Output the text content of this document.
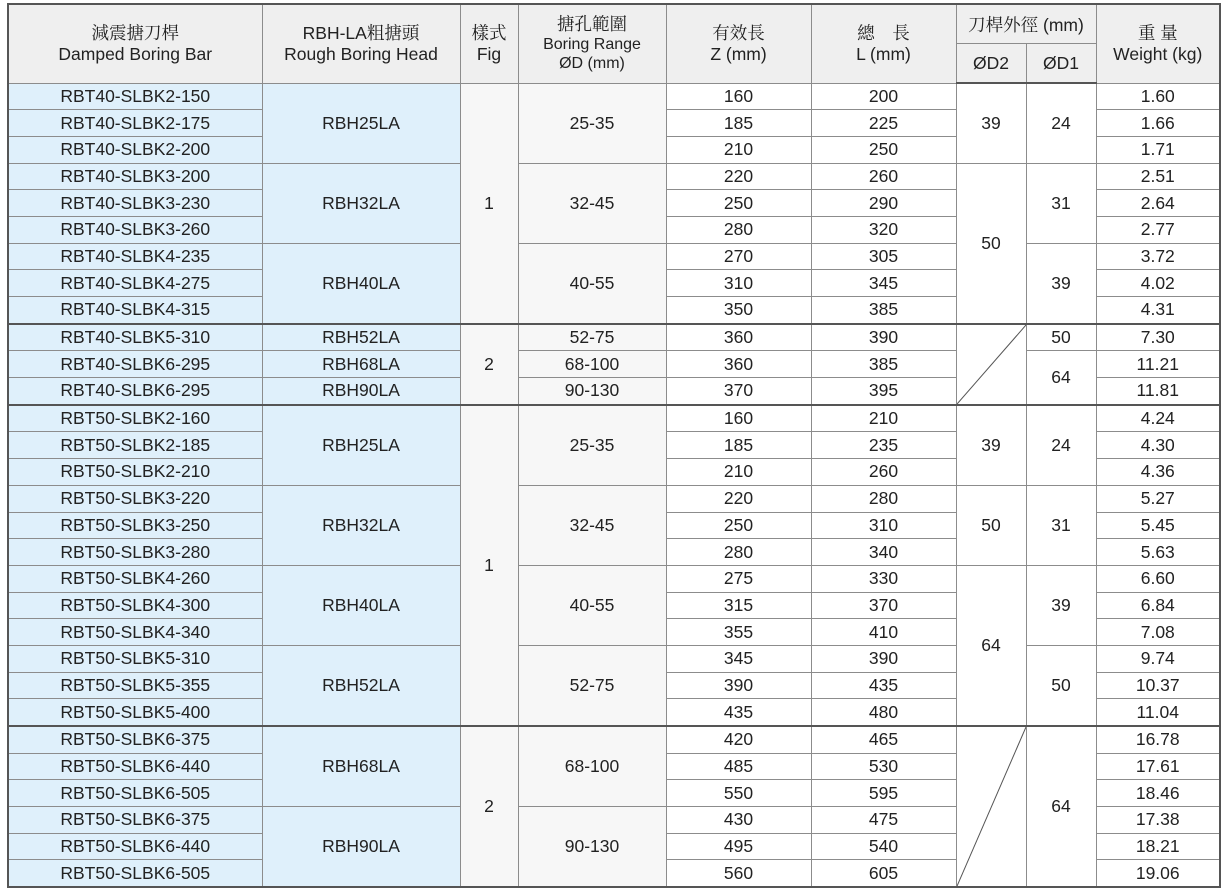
減震搪刀桿
Damped Boring Bar	RBH-LA粗搪頭
Rough Boring Head	樣式
Fig	搪孔範圍
Boring Range
ØD (mm)	有效長
Z (mm)	總　長
L (mm)	刀桿外徑 (mm)		重 量
Weight (kg)

						ØD2	ØD1	
RBT40-SLBK2-150	RBH25LA	1	25-35	160	200	39	24	1.60
RBT40-SLBK2-175				185	225			1.66
RBT40-SLBK2-200				210	250			1.71
RBT40-SLBK3-200	RBH32LA		32-45	220	260	50	31	2.51
RBT40-SLBK3-230				250	290			2.64
RBT40-SLBK3-260				280	320			2.77
RBT40-SLBK4-235	RBH40LA		40-55	270	305		39	3.72
RBT40-SLBK4-275				310	345			4.02
RBT40-SLBK4-315				350	385			4.31
RBT40-SLBK5-310	RBH52LA	2	52-75	360	390		50	7.30
RBT40-SLBK6-295	RBH68LA		68-100	360	385		64	11.21
RBT40-SLBK6-295	RBH90LA		90-130	370	395			11.81
RBT50-SLBK2-160	RBH25LA	1	25-35	160	210	39	24	4.24
RBT50-SLBK2-185				185	235			4.30
RBT50-SLBK2-210				210	260			4.36
RBT50-SLBK3-220	RBH32LA		32-45	220	280	50	31	5.27
RBT50-SLBK3-250				250	310			5.45
RBT50-SLBK3-280				280	340			5.63
RBT50-SLBK4-260	RBH40LA		40-55	275	330	64	39	6.60
RBT50-SLBK4-300				315	370			6.84
RBT50-SLBK4-340				355	410			7.08
RBT50-SLBK5-310	RBH52LA		52-75	345	390		50	9.74
RBT50-SLBK5-355				390	435			10.37
RBT50-SLBK5-400				435	480			11.04
RBT50-SLBK6-375	RBH68LA	2	68-100	420	465		64	16.78
RBT50-SLBK6-440				485	530			17.61
RBT50-SLBK6-505				550	595			18.46
RBT50-SLBK6-375	RBH90LA		90-130	430	475			17.38
RBT50-SLBK6-440				495	540			18.21
RBT50-SLBK6-505				560	605			19.06
